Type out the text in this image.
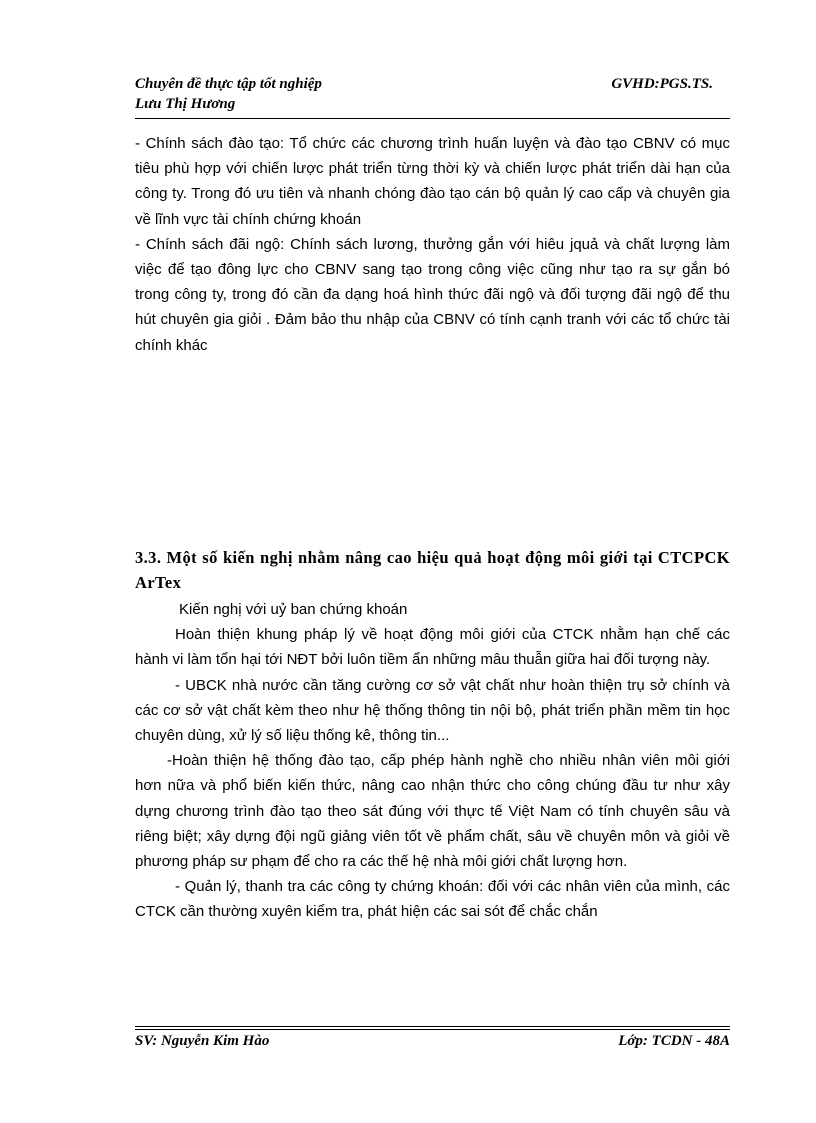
Chuyên đề thực tập tốt nghiệp	GVHD:PGS.TS.
Lưu Thị Hương

- Chính sách đào tạo: Tổ chức các chương trình huấn luyện và đào tạo CBNV có mục tiêu phù hợp với chiến lược phát triển từng thời kỳ và chiến lược phát triển dài hạn của công ty. Trong đó ưu tiên và nhanh chóng đào tạo cán bộ quản lý cao cấp và chuyên gia về lĩnh vực tài chính chứng khoán

- Chính sách đãi ngộ: Chính sách lương, thưởng gắn với hiêu jquả và chất lượng làm việc để tạo đông lực cho CBNV sang tạo trong công việc cũng như tạo ra sự gắn bó trong công ty, trong đó cần đa dạng hoá hình thức đãi ngộ và đối tượng đãi ngộ để thu hút chuyên gia giỏi . Đảm bảo thu nhập của CBNV có tính cạnh tranh với các tổ chức tài chính khác

3.3. Một số kiến nghị nhằm nâng cao hiệu quả hoạt động môi giới tại CTCPCK ArTex

Kiến nghị với uỷ ban chứng khoán

Hoàn thiện khung pháp lý về hoạt động môi giới của CTCK nhằm hạn chế các hành vi làm tổn hại tới NĐT bởi luôn tiềm ẩn những mâu thuẫn giữa hai đối tượng này.

- UBCK nhà nước cần tăng cường cơ sở vật chất như hoàn thiện trụ sở chính và các cơ sở vật chất kèm theo như hệ thống thông tin nội bộ, phát triển phần mềm tin học chuyên dùng, xử lý số liệu thống kê, thông tin...

-Hoàn thiện hệ thống đào tạo, cấp phép hành nghề cho nhiều nhân viên môi giới hơn nữa và phổ biến kiến thức, nâng cao nhận thức cho công chúng đầu tư như xây dựng chương trình đào tạo theo sát đúng với thực tế Việt Nam có tính chuyên sâu và riêng biệt; xây dựng đội ngũ giảng viên tốt về phẩm chất, sâu về chuyên môn và giỏi về phương pháp sư phạm để cho ra các thế hệ nhà môi giới chất lượng hơn.

- Quản lý, thanh tra các công ty chứng khoán: đối với các nhân viên của mình, các CTCK cần thường xuyên kiểm tra, phát hiện các sai sót để chắc chắn

SV: Nguyễn Kim Hào	Lớp: TCDN - 48A
